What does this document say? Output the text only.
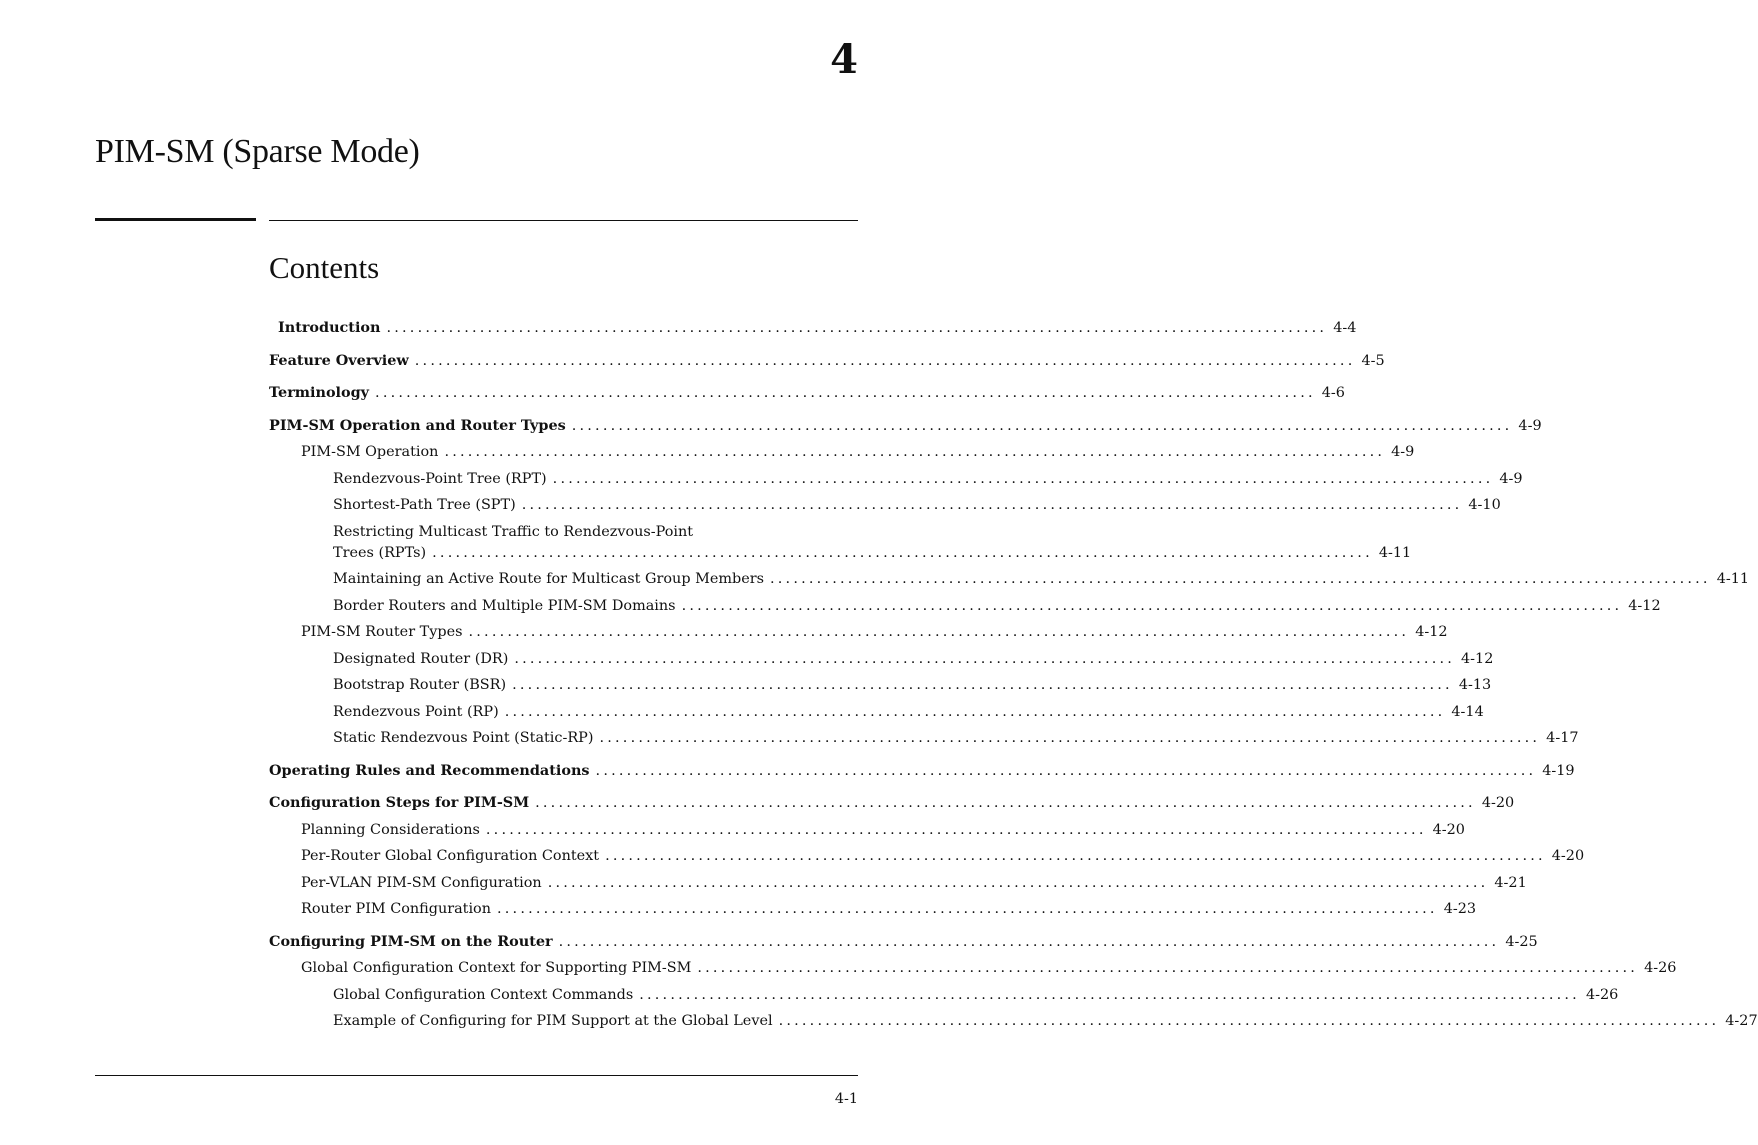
4
PIM-SM (Sparse Mode)
Contents
Introduction ......................................................................................................................... 4-4
Feature Overview ......................................................................................................................... 4-5
Terminology ......................................................................................................................... 4-6
PIM-SM Operation and Router Types ......................................................................................................................... 4-9
PIM-SM Operation ......................................................................................................................... 4-9
Rendezvous-Point Tree (RPT) ......................................................................................................................... 4-9
Shortest-Path Tree (SPT) ......................................................................................................................... 4-10
Restricting Multicast Traffic to Rendezvous-Point
Trees (RPTs) ......................................................................................................................... 4-11
Maintaining an Active Route for Multicast Group Members ......................................................................................................................... 4-11
Border Routers and Multiple PIM-SM Domains ......................................................................................................................... 4-12
PIM-SM Router Types ......................................................................................................................... 4-12
Designated Router (DR) ......................................................................................................................... 4-12
Bootstrap Router (BSR) ......................................................................................................................... 4-13
Rendezvous Point (RP) ......................................................................................................................... 4-14
Static Rendezvous Point (Static-RP) ......................................................................................................................... 4-17
Operating Rules and Recommendations ......................................................................................................................... 4-19
Configuration Steps for PIM-SM ......................................................................................................................... 4-20
Planning Considerations ......................................................................................................................... 4-20
Per-Router Global Configuration Context ......................................................................................................................... 4-20
Per-VLAN PIM-SM Configuration ......................................................................................................................... 4-21
Router PIM Configuration ......................................................................................................................... 4-23
Configuring PIM-SM on the Router ......................................................................................................................... 4-25
Global Configuration Context for Supporting PIM-SM ......................................................................................................................... 4-26
Global Configuration Context Commands ......................................................................................................................... 4-26
Example of Configuring for PIM Support at the Global Level ......................................................................................................................... 4-27
4-1
